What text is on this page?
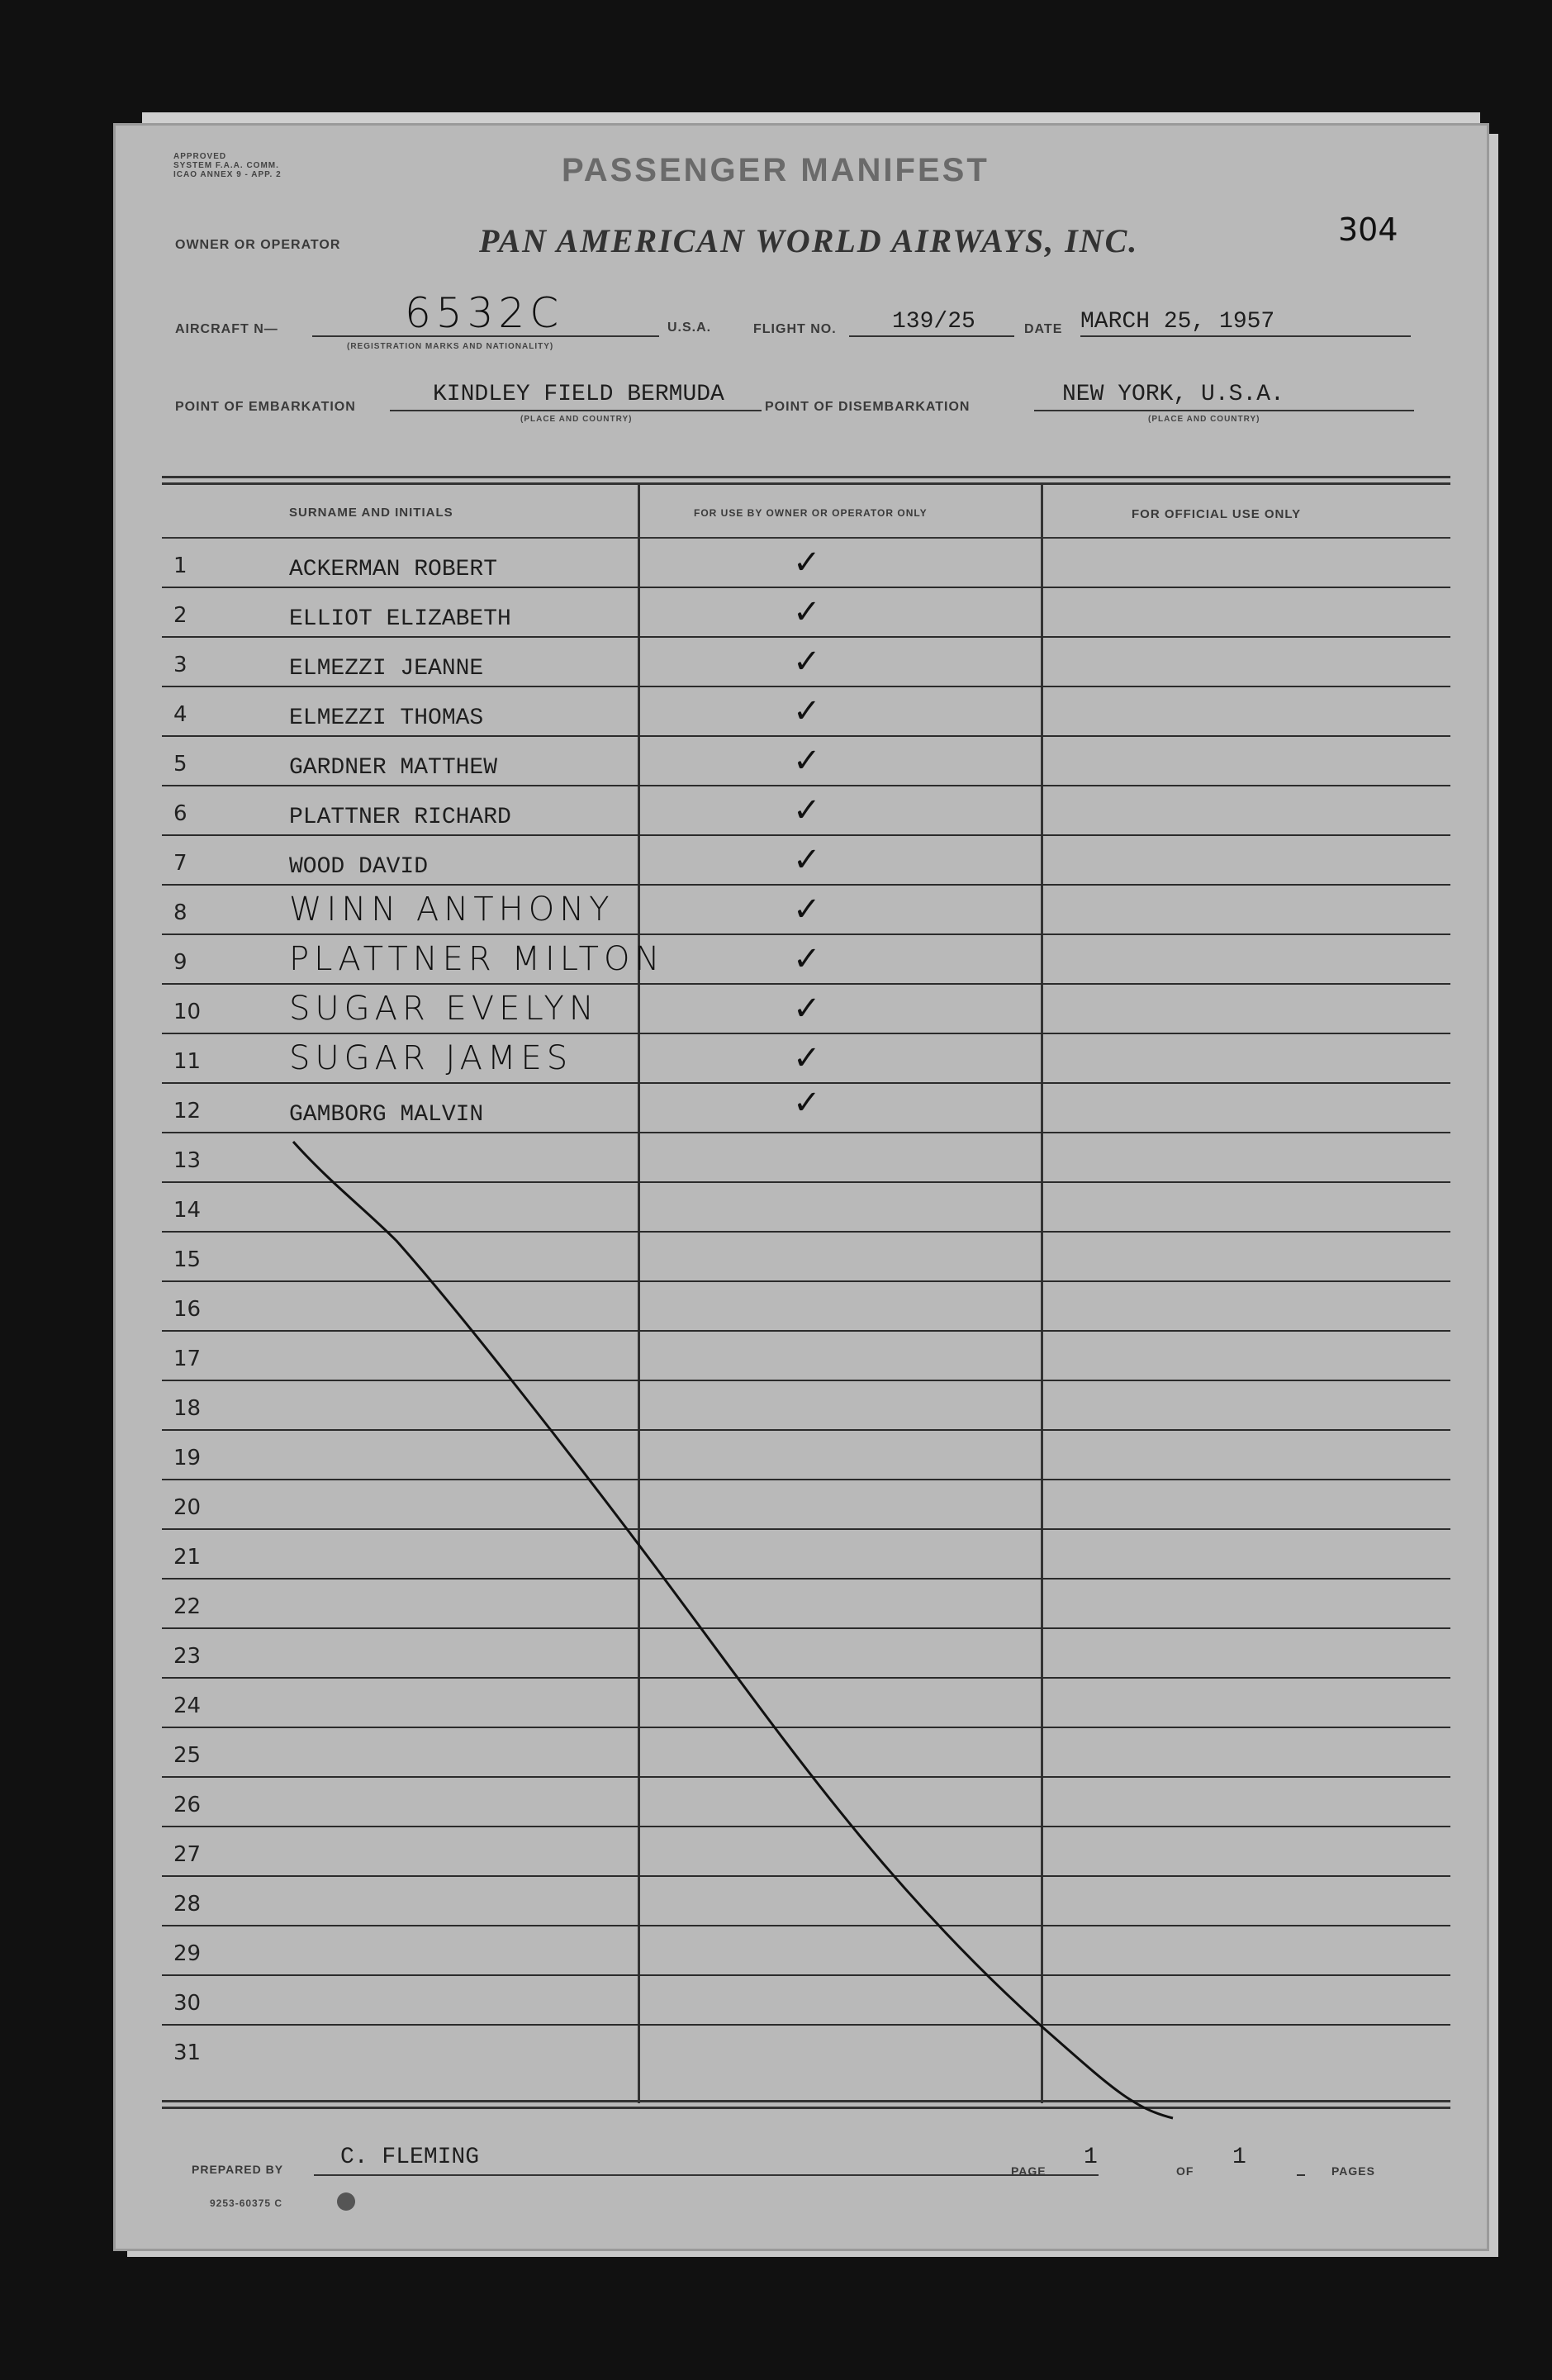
APPROVED
SYSTEM F.A.A. COMM.
ICAO ANNEX 9 - APP. 2	PASSENGER MANIFEST
304
OWNER OR OPERATOR	PAN AMERICAN WORLD AIRWAYS, INC.
AIRCRAFT N—	6532C
(REGISTRATION MARKS AND NATIONALITY)
U.S.A.	FLIGHT NO. 139/25	DATE MARCH 25, 1957
POINT OF EMBARKATION	KINDLEY FIELD BERMUDA
(PLACE AND COUNTRY)
POINT OF DISEMBARKATION	NEW YORK, U.S.A.
(PLACE AND COUNTRY)
SURNAME AND INITIALS	FOR USE BY OWNER OR OPERATOR ONLY	FOR OFFICIAL USE ONLY
1	ACKERMAN ROBERT	✓
2	ELLIOT ELIZABETH	✓
3	ELMEZZI JEANNE	✓
4	ELMEZZI THOMAS	✓
5	GARDNER MATTHEW	✓
6	PLATTNER RICHARD	✓
7	WOOD DAVID	✓
8	WINN ANTHONY	✓
9	PLATTNER MILTON	✓
10	SUGAR EVELYN	✓
11	SUGAR JAMES	✓
12	GAMBORG MALVIN	✓
13
14
15
16
17
18
19
20
21
22
23
24
25
26
27
28
29
30
31
PREPARED BY C. FLEMING
PAGE
1
OF
1
PAGES
9253-60375 C
